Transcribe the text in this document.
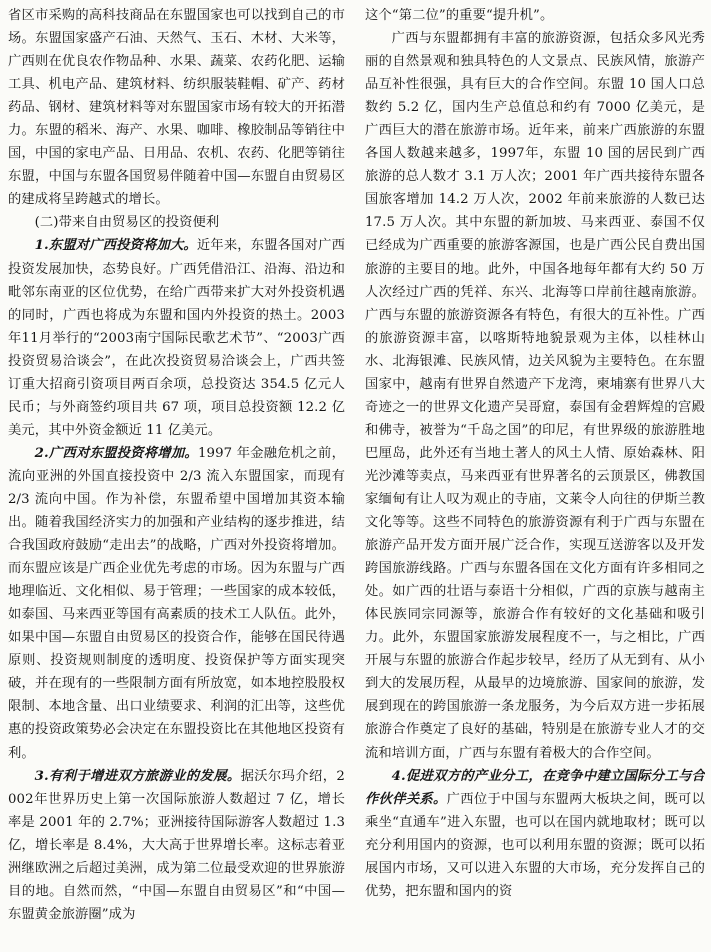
省区市采购的高科技商品在东盟国家也可以找到自己的市场。东盟国家盛产石油、天然气、玉石、木材、大米等，广西则在优良农作物品种、水果、蔬菜、农药化肥、运输工具、机电产品、建筑材料、纺织服装鞋帽、矿产、药材药品、钢材、建筑材料等对东盟国家市场有较大的开拓潜力。东盟的稻米、海产、水果、咖啡、橡胶制品等销往中国，中国的家电产品、日用品、农机、农药、化肥等销往东盟，中国与东盟各国贸易伴随着中国—东盟自由贸易区的建成将呈跨越式的增长。

(二)带来自由贸易区的投资便利

1.东盟对广西投资将加大。近年来，东盟各国对广西投资发展加快，态势良好。广西凭借沿江、沿海、沿边和毗邻东南亚的区位优势，在给广西带来扩大对外投资机遇的同时，广西也将成为东盟和国内外投资的热土。2003年11月举行的“2003南宁国际民歌艺术节”、“2003广西投资贸易洽谈会”，在此次投资贸易洽谈会上，广西共签订重大招商引资项目两百余项，总投资达 354.5 亿元人民币；与外商签约项目共 67 项，项目总投资额 12.2 亿美元，其中外资金额近 11 亿美元。

2.广西对东盟投资将增加。1997 年金融危机之前，流向亚洲的外国直接投资中 2/3 流入东盟国家，而现有 2/3 流向中国。作为补偿，东盟希望中国增加其资本输出。随着我国经济实力的加强和产业结构的逐步推进，结合我国政府鼓励“走出去”的战略，广西对外投资将增加。而东盟应该是广西企业优先考虑的市场。因为东盟与广西地理临近、文化相似、易于管理；一些国家的成本较低，如泰国、马来西亚等国有高素质的技术工人队伍。此外，如果中国—东盟自由贸易区的投资合作，能够在国民待遇原则、投资规则制度的透明度、投资保护等方面实现突破，并在现有的一些限制方面有所放宽，如本地控股股权限制、本地含量、出口业绩要求、利润的汇出等，这些优惠的投资政策势必会决定在东盟投资比在其他地区投资有利。

3.有利于增进双方旅游业的发展。据沃尔玛介绍，2002年世界历史上第一次国际旅游人数超过 7 亿，增长率是 2001 年的 2.7%；亚洲接待国际游客人数超过 1.3 亿，增长率是 8.4%，大大高于世界增长率。这标志着亚洲继欧洲之后超过美洲，成为第二位最受欢迎的世界旅游目的地。自然而然，“中国—东盟自由贸易区”和“中国—东盟黄金旅游圈”成为

这个“第二位”的重要“提升机”。

广西与东盟都拥有丰富的旅游资源，包括众多风光秀丽的自然景观和独具特色的人文景点、民族风情，旅游产品互补性很强，具有巨大的合作空间。东盟 10 国人口总数约 5.2 亿，国内生产总值总和约有 7000 亿美元，是广西巨大的潜在旅游市场。近年来，前来广西旅游的东盟各国人数越来越多，1997年，东盟 10 国的居民到广西旅游的总人数才 3.1 万人次；2001 年广西共接待东盟各国旅客增加 14.2 万人次，2002 年前来旅游的人数已达 17.5 万人次。其中东盟的新加坡、马来西亚、泰国不仅已经成为广西重要的旅游客源国，也是广西公民自费出国旅游的主要目的地。此外，中国各地每年都有大约 50 万人次经过广西的凭祥、东兴、北海等口岸前往越南旅游。广西与东盟的旅游资源各有特色，有很大的互补性。广西的旅游资源丰富，以喀斯特地貌景观为主体，以桂林山水、北海银滩、民族风情，边关风貌为主要特色。在东盟国家中，越南有世界自然遗产下龙湾，柬埔寨有世界八大奇迹之一的世界文化遗产吴哥窟，泰国有金碧辉煌的宫殿和佛寺，被誉为“千岛之国”的印尼，有世界级的旅游胜地巴厘岛，此外还有当地土著人的风土人情、原始森林、阳光沙滩等卖点，马来西亚有世界著名的云顶景区，佛教国家缅甸有让人叹为观止的寺庙，文莱令人向往的伊斯兰教文化等等。这些不同特色的旅游资源有利于广西与东盟在旅游产品开发方面开展广泛合作，实现互送游客以及开发跨国旅游线路。广西与东盟各国在文化方面有许多相同之处。如广西的壮语与泰语十分相似，广西的京族与越南主体民族同宗同源等，旅游合作有较好的文化基础和吸引力。此外，东盟国家旅游发展程度不一，与之相比，广西开展与东盟的旅游合作起步较早，经历了从无到有、从小到大的发展历程，从最早的边境旅游、国家间的旅游，发展到现在的跨国旅游一条龙服务，为今后双方进一步拓展旅游合作奠定了良好的基础，特别是在旅游专业人才的交流和培训方面，广西与东盟有着极大的合作空间。

4.促进双方的产业分工，在竞争中建立国际分工与合作伙伴关系。广西位于中国与东盟两大板块之间，既可以乘坐“直通车”进入东盟，也可以在国内就地取材；既可以充分利用国内的资源，也可以利用东盟的资源；既可以拓展国内市场，又可以进入东盟的大市场，充分发挥自己的优势，把东盟和国内的资
